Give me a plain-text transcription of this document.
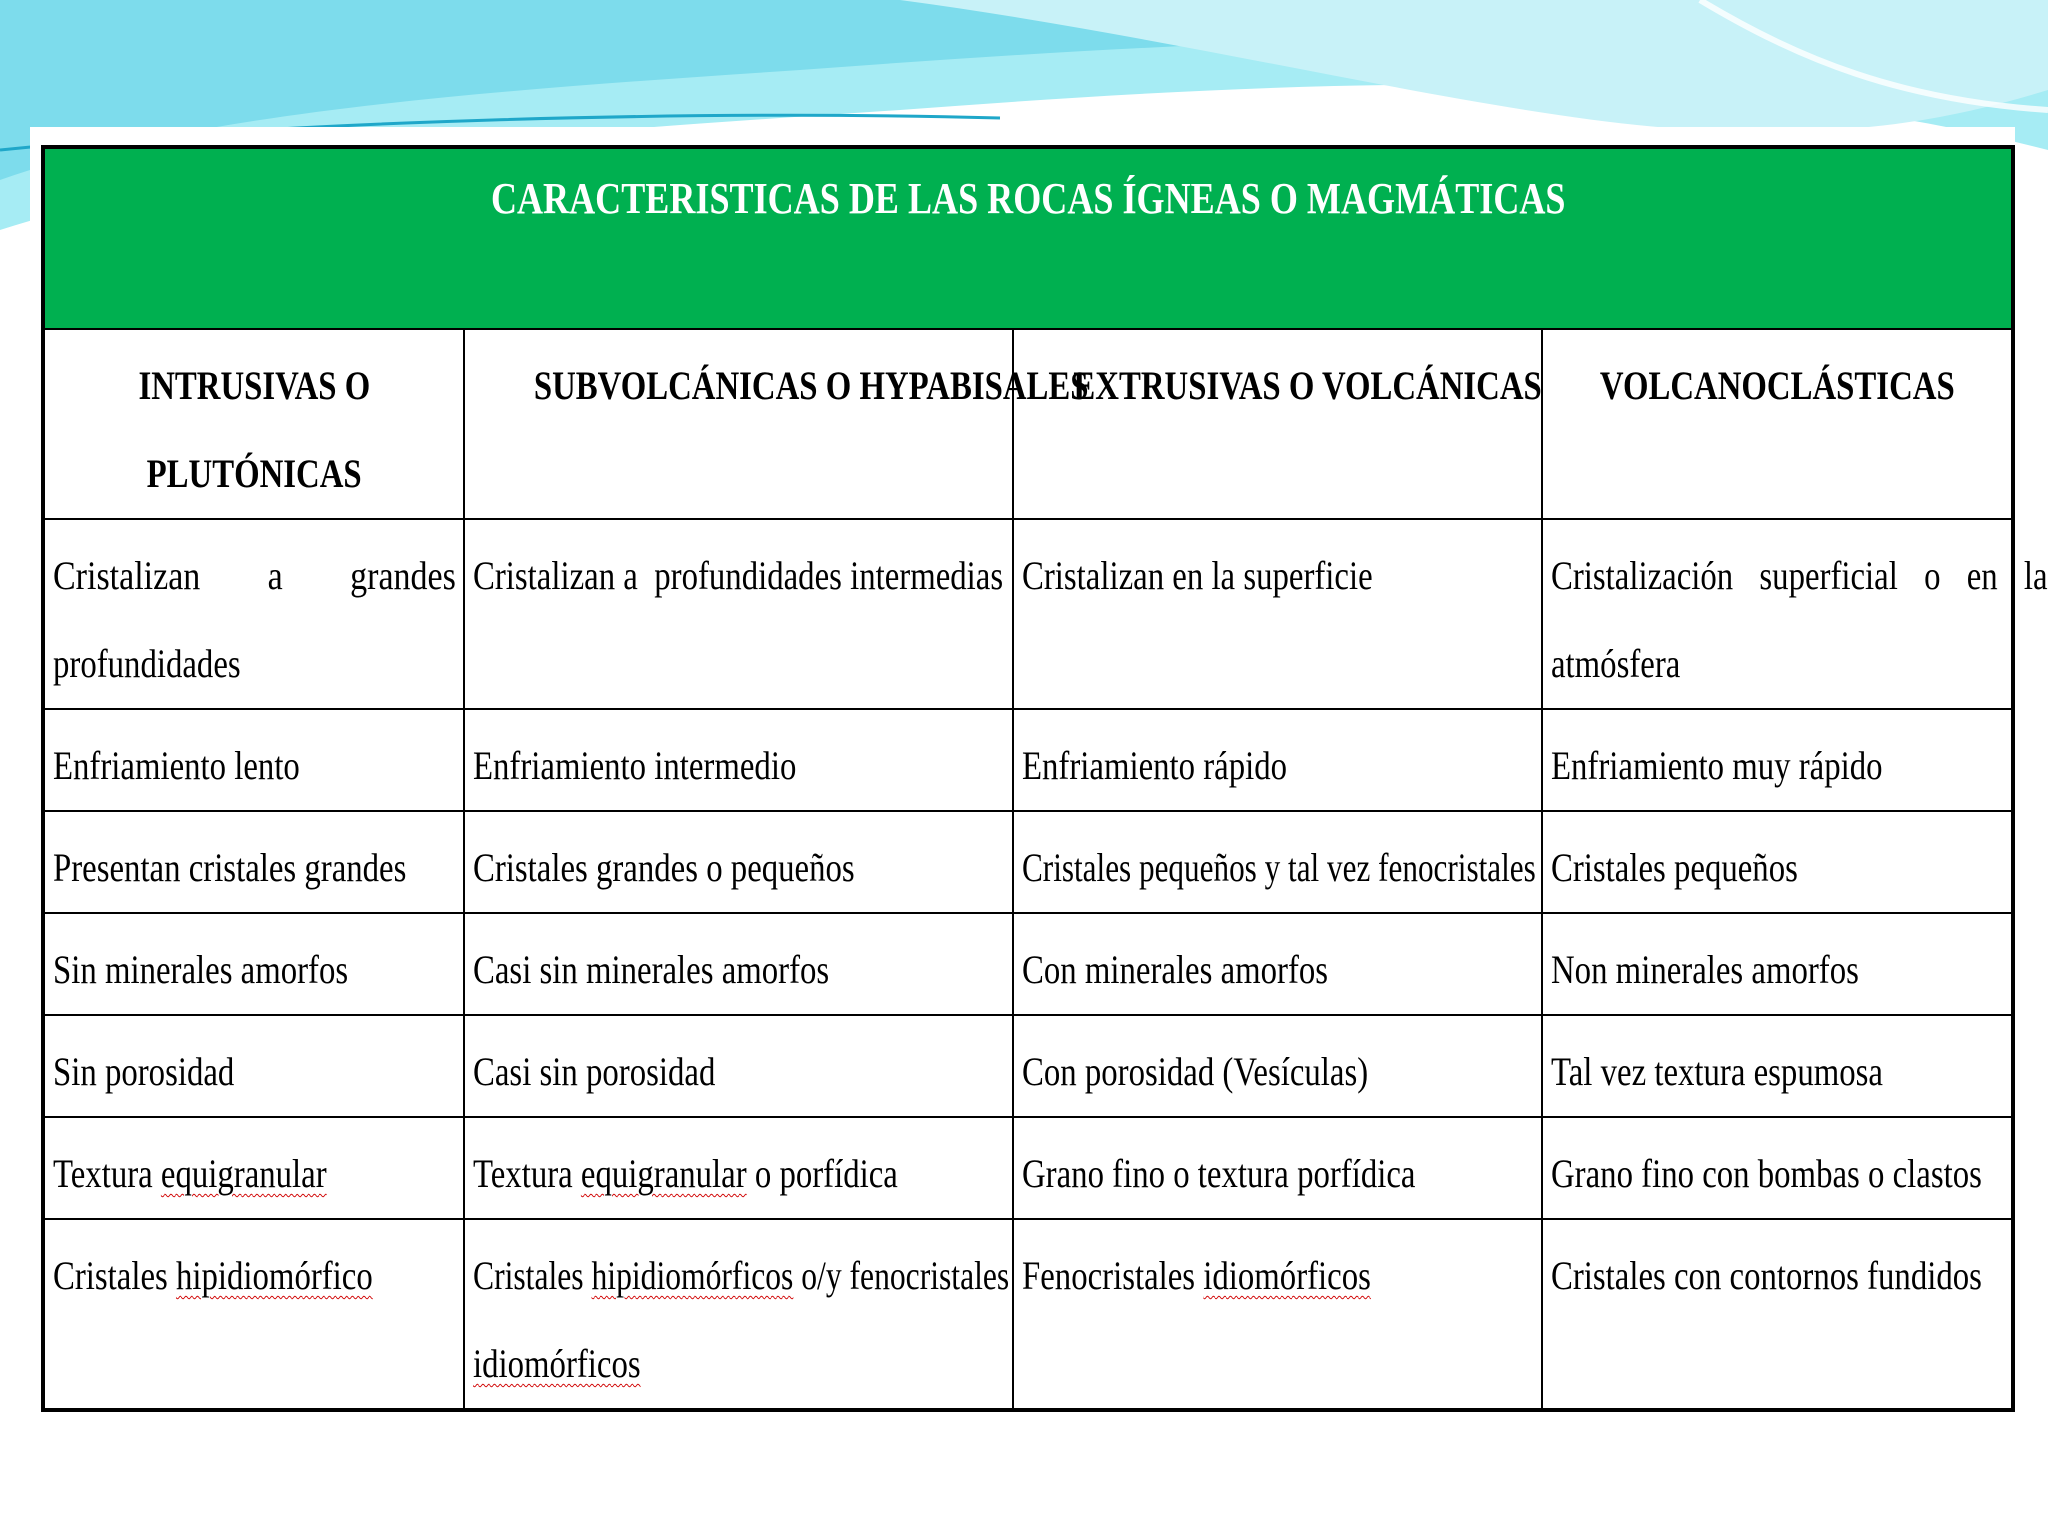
CARACTERISTICAS DE LAS ROCAS ÍGNEAS O MAGMÁTICAS			

INTRUSIVAS O
PLUTÓNICAS	SUBVOLCÁNICAS O HYPABISALES	EXTRUSIVAS O VOLCÁNICAS	VOLCANOCLÁSTICAS

Cristalizan a grandes
profundidades	Cristalizan a  profundidades intermedias	Cristalizan en la superficie	Cristalización  superficial  o  en  la
atmósfera

Enfriamiento lento	Enfriamiento intermedio	Enfriamiento rápido	Enfriamiento muy rápido
Presentan cristales grandes	Cristales grandes o pequeños	Cristales pequeños y tal vez fenocristales	Cristales pequeños
Sin minerales amorfos	Casi sin minerales amorfos	Con minerales amorfos	Non minerales amorfos
Sin porosidad	Casi sin porosidad	Con porosidad (Vesículas)	Tal vez textura espumosa
Textura equigranular	Textura equigranular o porfídica	Grano fino o textura porfídica	Grano fino con bombas o clastos
Cristales hipidiomórfico	Cristales hipidiomórficos o/y fenocristales
idiomórficos	Fenocristales idiomórficos	Cristales con contornos fundidos
